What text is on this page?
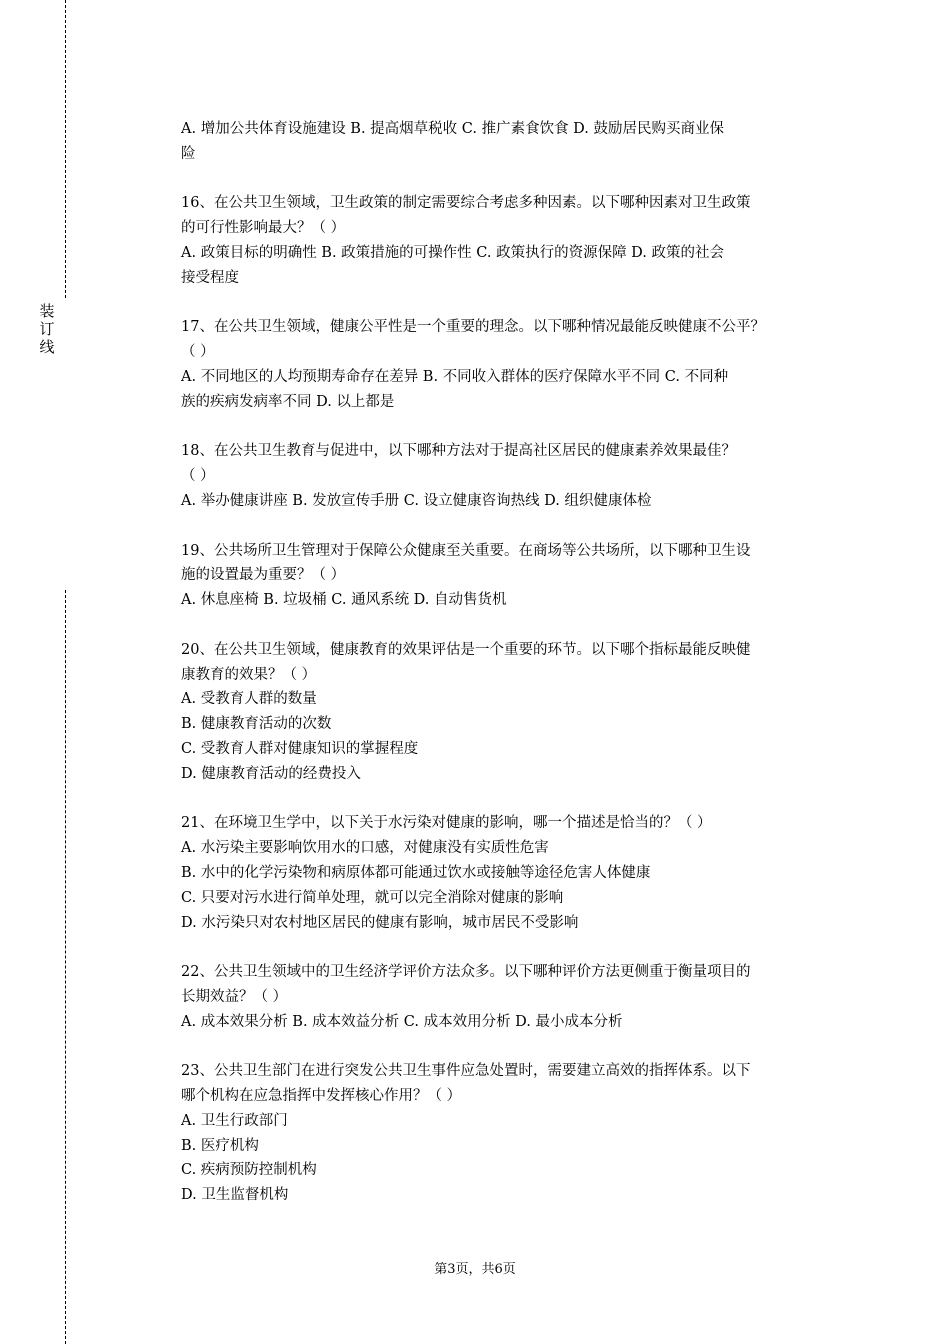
装
订
线
A. 增加公共体育设施建设 B. 提高烟草税收 C. 推广素食饮食 D. 鼓励居民购买商业保
险
16、在公共卫生领域，卫生政策的制定需要综合考虑多种因素。以下哪种因素对卫生政策
的可行性影响最大？（ ）
A. 政策目标的明确性 B. 政策措施的可操作性 C. 政策执行的资源保障 D. 政策的社会
接受程度
17、在公共卫生领域，健康公平性是一个重要的理念。以下哪种情况最能反映健康不公平？
（ ）
A. 不同地区的人均预期寿命存在差异 B. 不同收入群体的医疗保障水平不同 C. 不同种
族的疾病发病率不同 D. 以上都是
18、在公共卫生教育与促进中，以下哪种方法对于提高社区居民的健康素养效果最佳？
（ ）
A. 举办健康讲座 B. 发放宣传手册 C. 设立健康咨询热线 D. 组织健康体检
19、公共场所卫生管理对于保障公众健康至关重要。在商场等公共场所，以下哪种卫生设
施的设置最为重要？（ ）
A. 休息座椅 B. 垃圾桶 C. 通风系统 D. 自动售货机
20、在公共卫生领域，健康教育的效果评估是一个重要的环节。以下哪个指标最能反映健
康教育的效果？（ ）
A. 受教育人群的数量
B. 健康教育活动的次数
C. 受教育人群对健康知识的掌握程度
D. 健康教育活动的经费投入
21、在环境卫生学中，以下关于水污染对健康的影响，哪一个描述是恰当的？（ ）
A. 水污染主要影响饮用水的口感，对健康没有实质性危害
B. 水中的化学污染物和病原体都可能通过饮水或接触等途径危害人体健康
C. 只要对污水进行简单处理，就可以完全消除对健康的影响
D. 水污染只对农村地区居民的健康有影响，城市居民不受影响
22、公共卫生领域中的卫生经济学评价方法众多。以下哪种评价方法更侧重于衡量项目的
长期效益？（ ）
A. 成本效果分析 B. 成本效益分析 C. 成本效用分析 D. 最小成本分析
23、公共卫生部门在进行突发公共卫生事件应急处置时，需要建立高效的指挥体系。以下
哪个机构在应急指挥中发挥核心作用？（ ）
A. 卫生行政部门
B. 医疗机构
C. 疾病预防控制机构
D. 卫生监督机构
第3页，共6页
